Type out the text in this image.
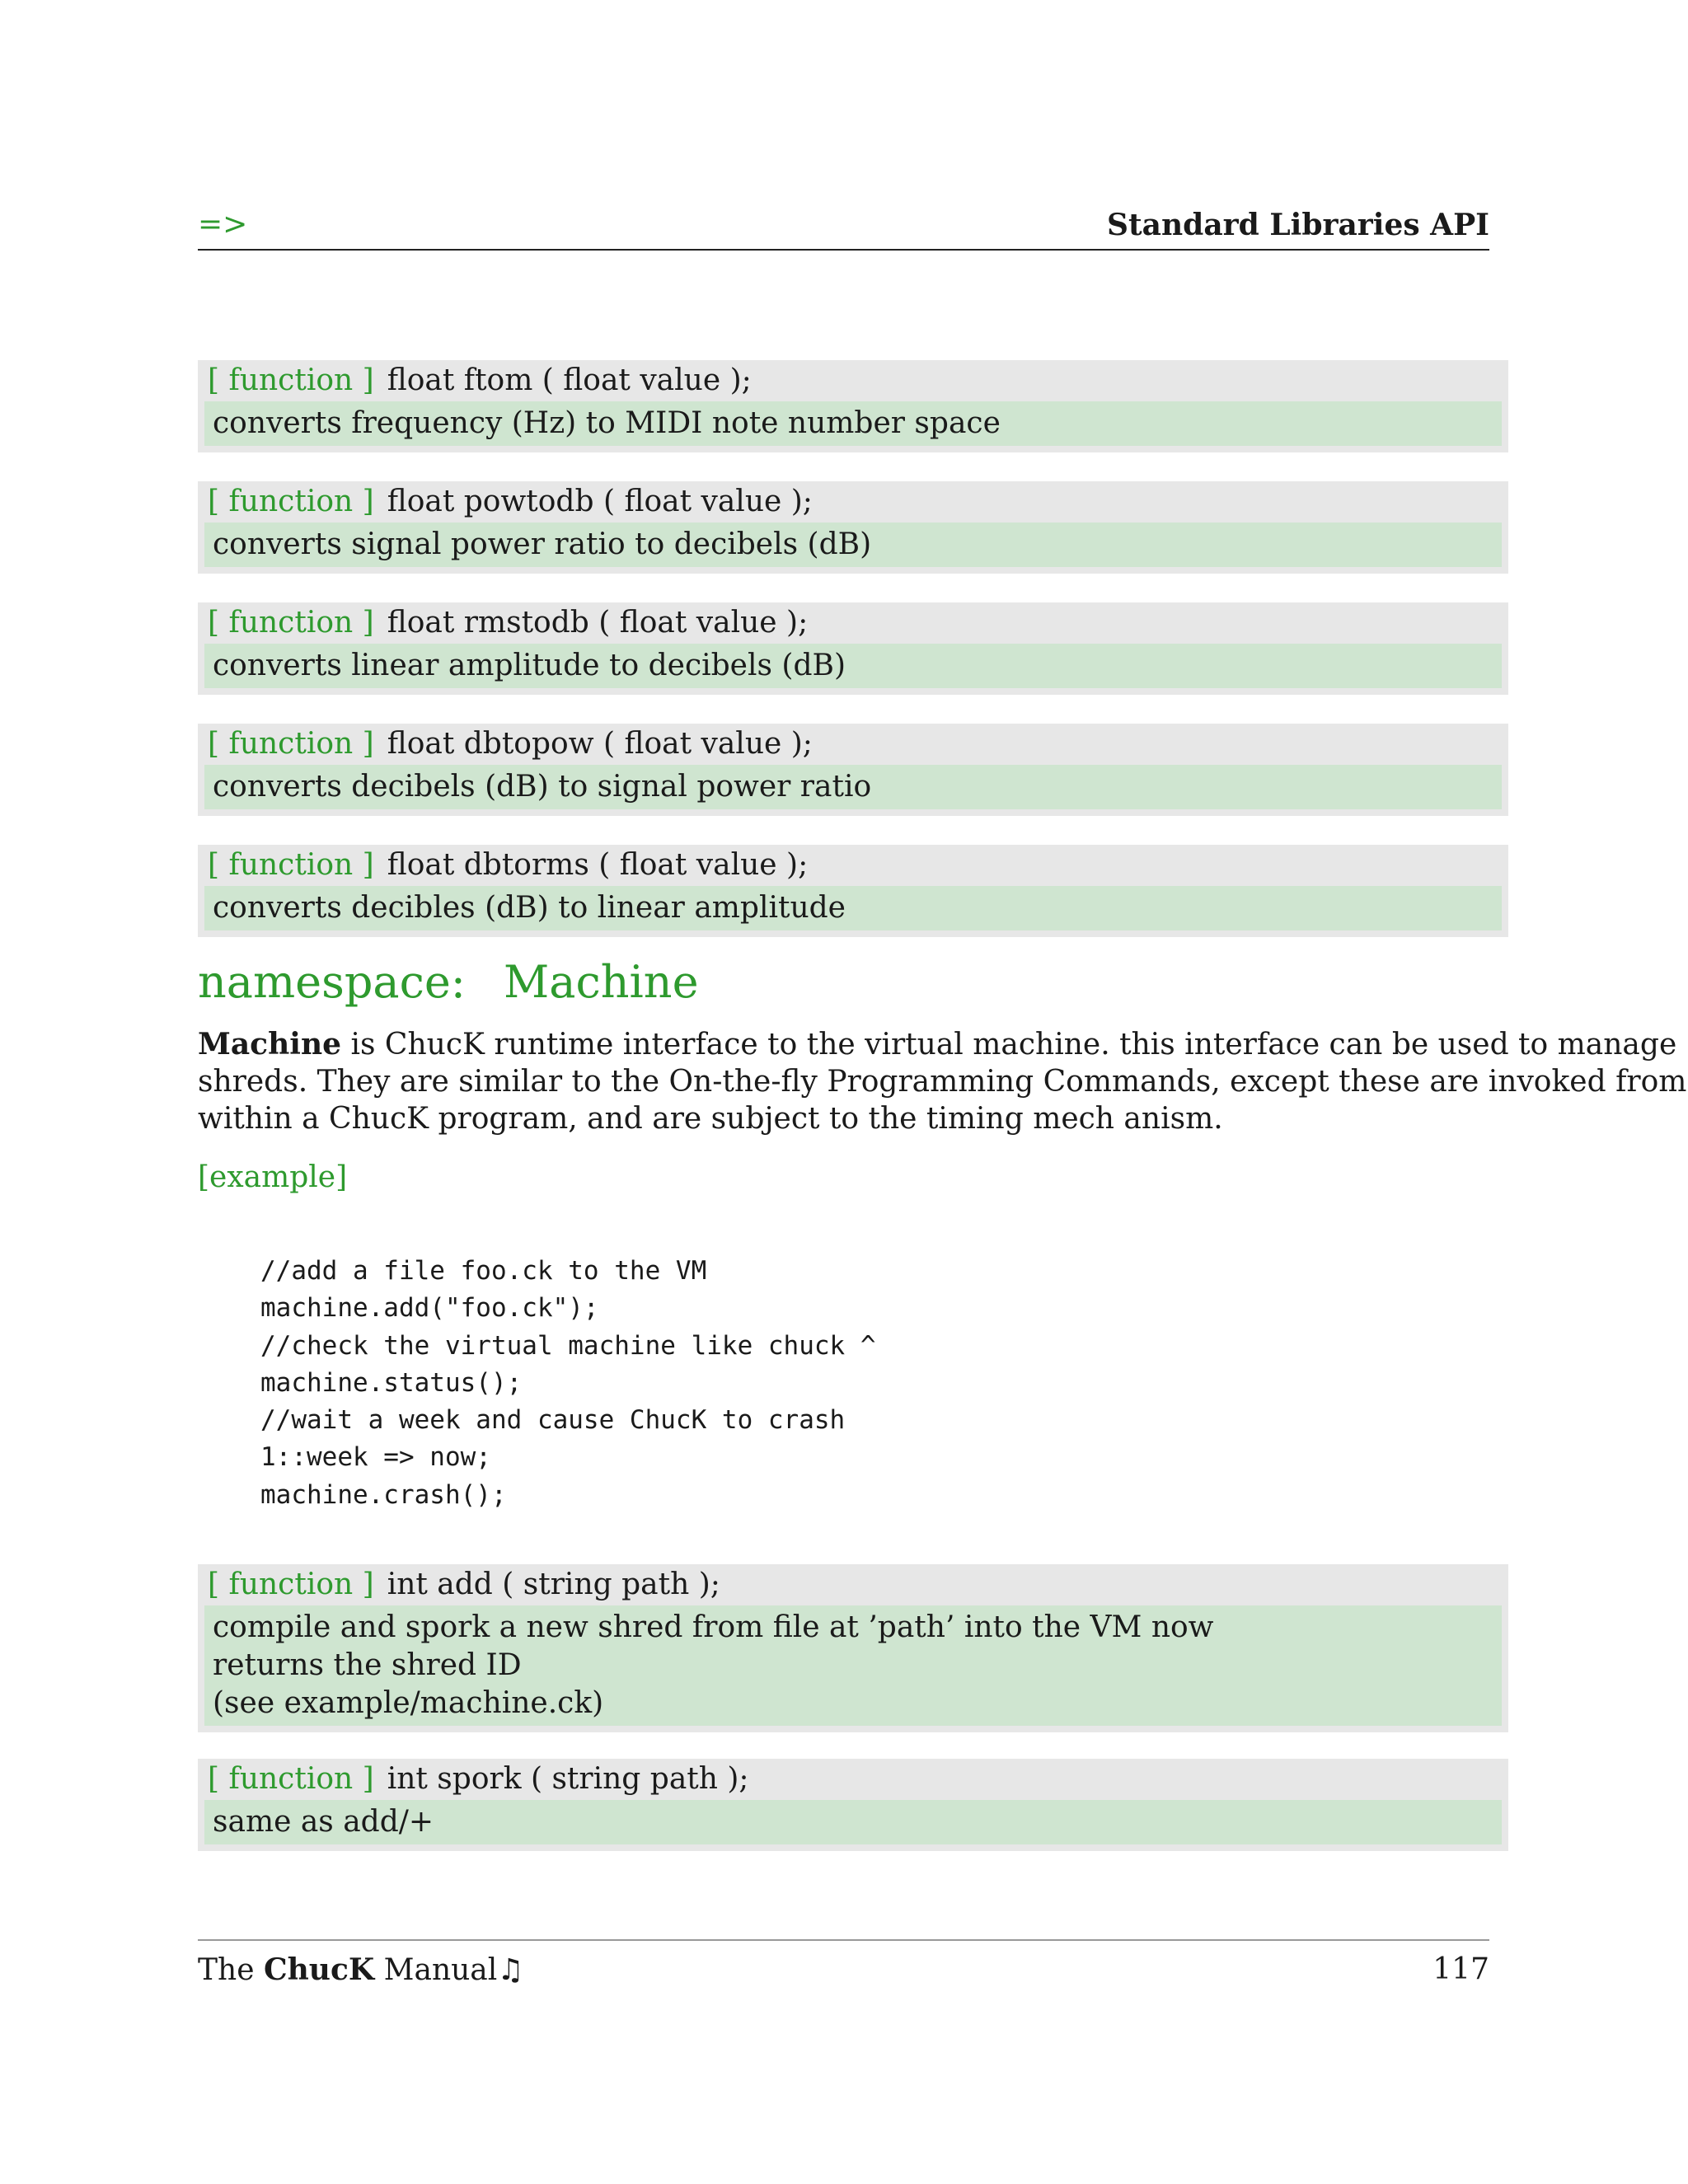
=>	Standard Libraries API
[ function ] float ftom ( float value );
converts frequency (Hz) to MIDI note number space
[ function ] float powtodb ( float value );
converts signal power ratio to decibels (dB)
[ function ] float rmstodb ( float value );
converts linear amplitude to decibels (dB)
[ function ] float dbtopow ( float value );
converts decibels (dB) to signal power ratio
[ function ] float dbtorms ( float value );
converts decibles (dB) to linear amplitude
namespace: Machine
Machine is ChucK runtime interface to the virtual machine. this interface can be used to manage
shreds. They are similar to the On-the-fly Programming Commands, except these are invoked from
within a ChucK program, and are subject to the timing mech anism.
[example]
//add a file foo.ck to the VM
machine.add("foo.ck");
//check the virtual machine like chuck ^
machine.status();
//wait a week and cause ChucK to crash
1::week => now;
machine.crash();
[ function ] int add ( string path );
compile and spork a new shred from file at ’path’ into the VM now
returns the shred ID
(see example/machine.ck)
[ function ] int spork ( string path );
same as add/+
The ChucK Manual♫	117
